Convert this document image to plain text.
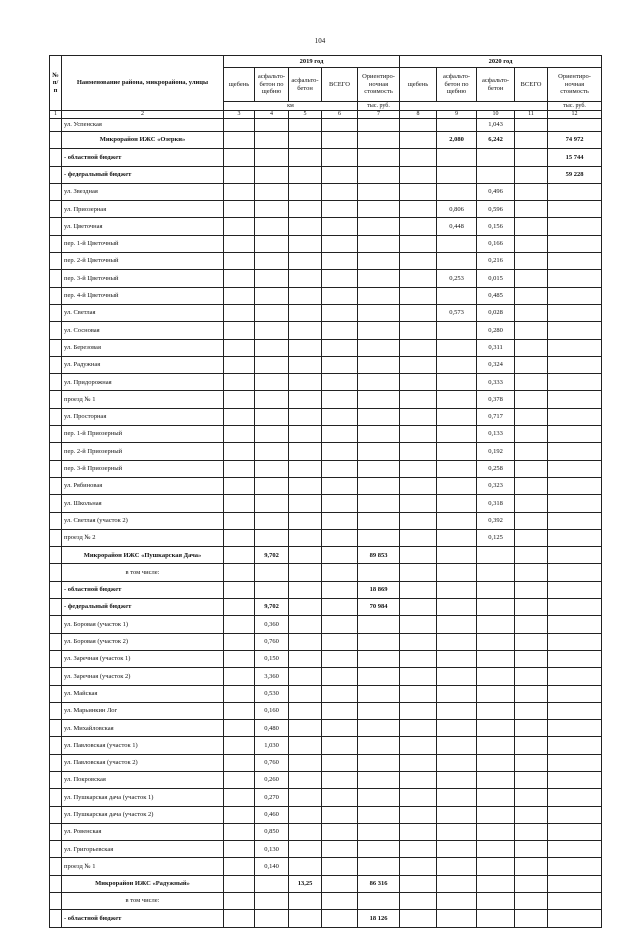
104
№ п/п	Наименование района, микрорайона, улицы	2019 год					2020 год				
		щебень	асфальто-бетон по щебню	асфальто-бетон	ВСЕГО	Ориентиро-ночная стоимость	щебень	асфальто-бетон по щебню	асфальто-бетон	ВСЕГО	Ориентиро-ночная стоимость
		км				тыс. руб.					тыс. руб.
1	2	3	4	5	6	7	8	9	10	11	12
	ул. Успенская								1,043		
	Микрорайон ИЖС «Озерки»							2,080	6,242		74 972
	- областной бюджет										15 744
	- федеральный бюджет										59 228
	ул. Звездная								0,496		
	ул. Приозерная							0,806	0,596		
	ул. Цветочная							0,448	0,156		
	пер. 1-й Цветочный								0,166		
	пер. 2-й Цветочный								0,216		
	пер. 3-й Цветочный							0,253	0,015		
	пер. 4-й Цветочный								0,485		
	ул. Светлая							0,573	0,028		
	ул. Сосновая								0,280		
	ул. Березовая								0,311		
	ул. Радужная								0,324		
	ул. Придорожная								0,333		
	проезд № 1								0,378		
	ул. Просторная								0,717		
	пер. 1-й Приозерный								0,133		
	пер. 2-й Приозерный								0,192		
	пер. 3-й Приозерный								0,258		
	ул. Рябиновая								0,323		
	ул. Школьная								0,318		
	ул. Светлая (участок 2)								0,392		
	проезд № 2								0,125		
	Микрорайон ИЖС «Пушкарская Дача»		9,702			89 853					
	в том числе:										
	- областной бюджет					18 869					
	- федеральный бюджет		9,702			70 984					
	ул. Боровая (участок 1)		0,360								
	ул. Боровая (участок 2)		0,760								
	ул. Заречная (участок 1)		0,150								
	ул. Заречная (участок 2)		3,360								
	ул. Майская		0,530								
	ул. Марьинкин Лог		0,160								
	ул. Михайловская		0,480								
	ул. Павловская (участок 1)		1,030								
	ул. Павловская (участок 2)		0,760								
	ул. Покровская		0,260								
	ул. Пушкарская дача (участок 1)		0,270								
	ул. Пушкарская дача (участок 2)		0,460								
	ул. Ровенская		0,850								
	ул. Григорьевская		0,130								
	проезд № 1		0,140								
	Микрорайон ИЖС «Радужный»			13,25		86 316					
	в том числе:										
	- областной бюджет					18 126					
